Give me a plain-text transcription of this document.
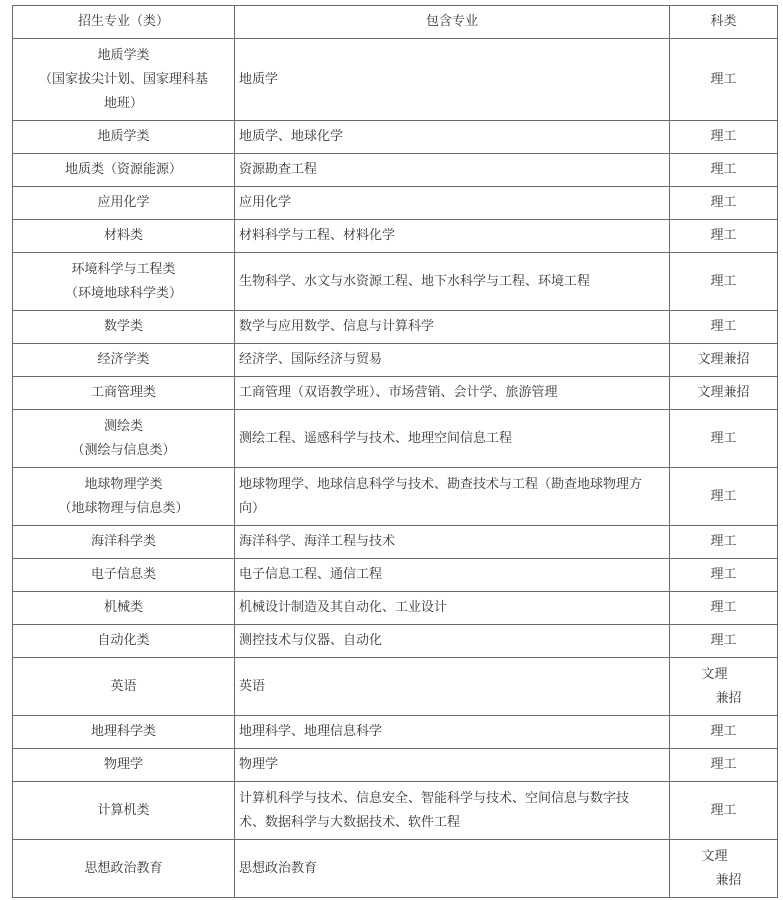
招生专业（类）	包含专业	科类

地质学类
（国家拔尖计划、国家理科基
地班）	地质学	理工

地质学类	地质学、地球化学	理工

地质类（资源能源）	资源勘查工程	理工

应用化学	应用化学	理工

材料类	材料科学与工程、材料化学	理工

环境科学与工程类
（环境地球科学类）	生物科学、水文与水资源工程、地下水科学与工程、环境工程	理工

数学类	数学与应用数学、信息与计算科学	理工

经济学类	经济学、国际经济与贸易	文理兼招

工商管理类	工商管理（双语教学班）、市场营销、会计学、旅游管理	文理兼招

测绘类
（测绘与信息类）	测绘工程、遥感科学与技术、地理空间信息工程	理工

地球物理学类
（地球物理与信息类）	地球物理学、地球信息科学与技术、勘查技术与工程（勘查地球物理方
向）	理工

海洋科学类	海洋科学、海洋工程与技术	理工

电子信息类	电子信息工程、通信工程	理工

机械类	机械设计制造及其自动化、工业设计	理工

自动化类	测控技术与仪器、自动化	理工

英语	英语	文理
兼招

地理科学类	地理科学、地理信息科学	理工

物理学	物理学	理工

计算机类	计算机科学与技术、信息安全、智能科学与技术、空间信息与数字技
术、数据科学与大数据技术、软件工程	理工

思想政治教育	思想政治教育	文理
兼招
